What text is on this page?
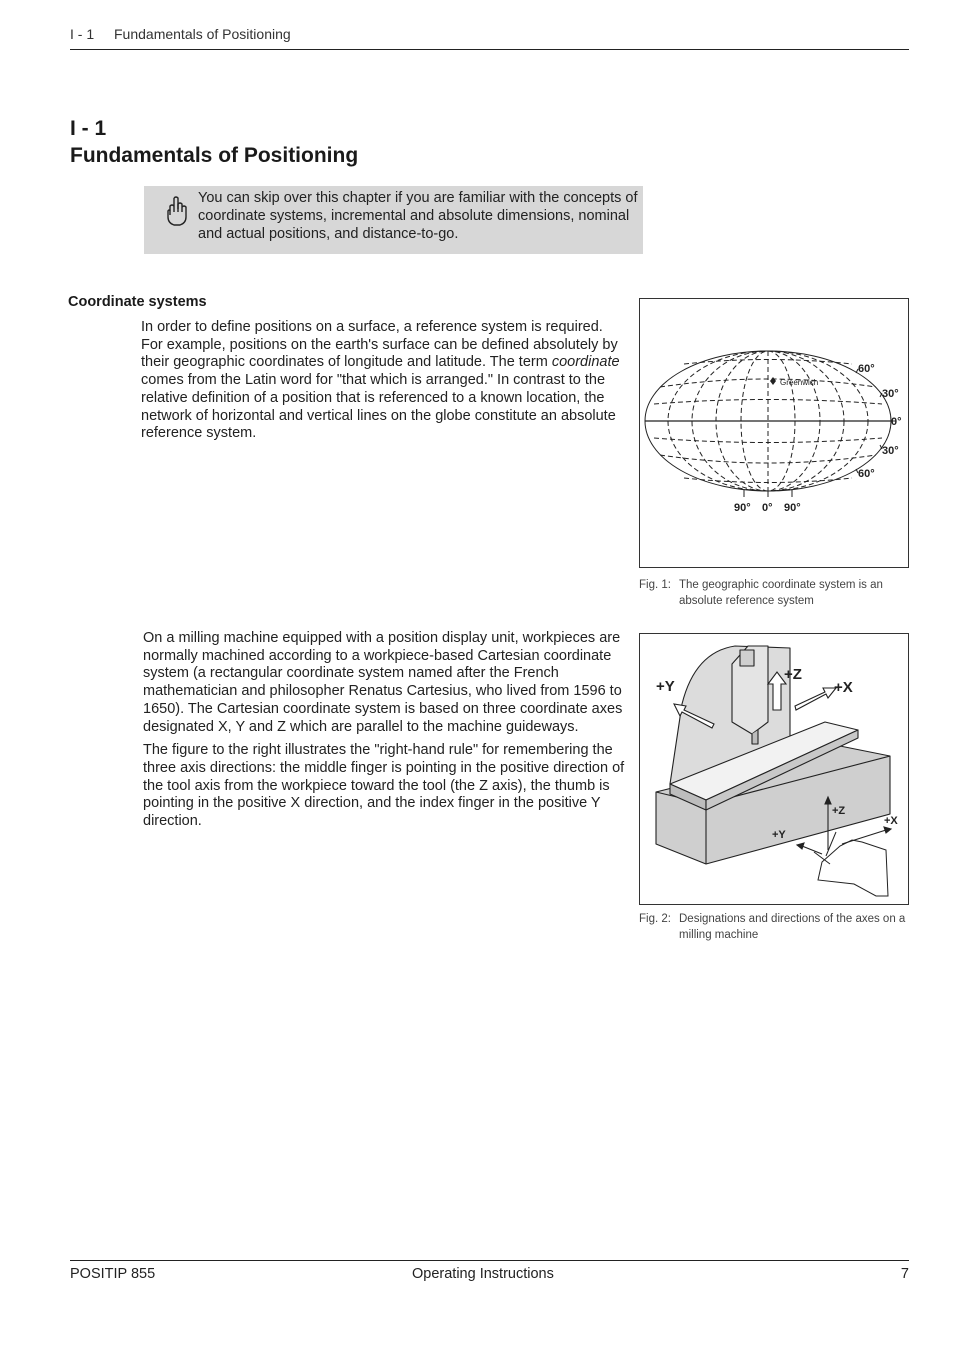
I - 1 Fundamentals of Positioning
I - 1
Fundamentals of Positioning
You can skip over this chapter if you are familiar with the concepts of coordinate systems, incremental and absolute dimensions, nominal and actual positions, and distance-to-go.
Coordinate systems

In order to define positions on a surface, a reference system is required. For example, positions on the earth's surface can be defined absolutely by their geographic coordinates of longitude and latitude. The term coordinate comes from the Latin word for "that which is arranged." In contrast to the relative definition of a position that is referenced to a known location, the network of horizontal and vertical lines on the globe constitute an absolute reference system.

Greenwich
60°
30°
0°
30°
60°
90° 0° 90°
Fig. 1: The geographic coordinate system is an absolute reference system

On a milling machine equipped with a position display unit, workpieces are normally machined according to a workpiece-based Cartesian coordinate system (a rectangular coordinate system named after the French mathematician and philosopher Renatus Cartesius, who lived from 1596 to 1650). The Cartesian coordinate system is based on three coordinate axes designated X, Y and Z which are parallel to the machine guideways.

The figure to the right illustrates the "right-hand rule" for remembering the three axis directions: the middle finger is pointing in the positive direction of the tool axis from the workpiece toward the tool (the Z axis), the thumb is pointing in the positive X direction, and the index finger in the positive Y direction.

+Y
+Z
+X
+Z
+Y
+X
Fig. 2: Designations and directions of the axes on a milling machine
POSITIP 855	Operating Instructions	7
